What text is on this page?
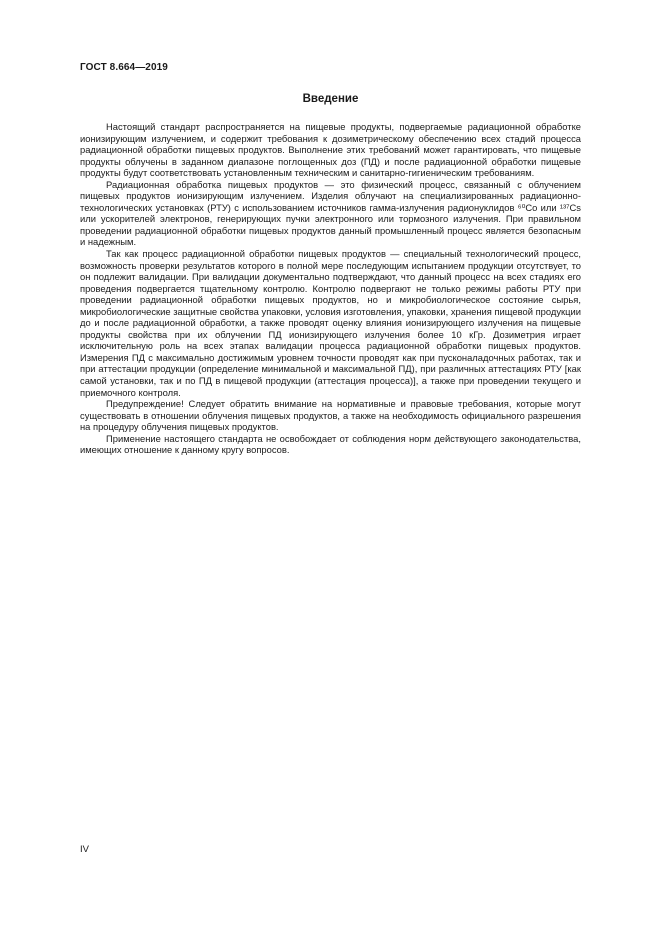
ГОСТ 8.664—2019
Введение

Настоящий стандарт распространяется на пищевые продукты, подвергаемые радиационной обработке ионизирующим излучением, и содержит требования к дозиметрическому обеспечению всех стадий процесса радиационной обработки пищевых продуктов. Выполнение этих требований может гарантировать, что пищевые продукты облучены в заданном диапазоне поглощенных доз (ПД) и после радиационной обработки пищевые продукты будут соответствовать установленным техническим и санитарно-гигиеническим требованиям.

Радиационная обработка пищевых продуктов — это физический процесс, связанный с облучением пищевых продуктов ионизирующим излучением. Изделия облучают на специализированных радиационно-технологических установках (РТУ) с использованием источников гамма-излучения радионуклидов ⁶⁰Co или ¹³⁷Cs или ускорителей электронов, генерирующих пучки электронного или тормозного излучения. При правильном проведении радиационной обработки пищевых продуктов данный промышленный процесс является безопасным и надежным.

Так как процесс радиационной обработки пищевых продуктов — специальный технологический процесс, возможность проверки результатов которого в полной мере последующим испытанием продукции отсутствует, то он подлежит валидации. При валидации документально подтверждают, что данный процесс на всех стадиях его проведения подвергается тщательному контролю. Контролю подвергают не только режимы работы РТУ при проведении радиационной обработки пищевых продуктов, но и микробиологическое состояние сырья, микробиологические защитные свойства упаковки, условия изготовления, упаковки, хранения пищевой продукции до и после радиационной обработки, а также проводят оценку влияния ионизирующего излучения на пищевые продукты свойства при их облучении ПД ионизирующего излучения более 10 кГр. Дозиметрия играет исключительную роль на всех этапах валидации процесса радиационной обработки пищевых продуктов. Измерения ПД с максимально достижимым уровнем точности проводят как при пусконаладочных работах, так и при аттестации продукции (определение минимальной и максимальной ПД), при различных аттестациях РТУ [как самой установки, так и по ПД в пищевой продукции (аттестация процесса)], а также при проведении текущего и приемочного контроля.

Предупреждение! Следует обратить внимание на нормативные и правовые требования, которые могут существовать в отношении облучения пищевых продуктов, а также на необходимость официального разрешения на процедуру облучения пищевых продуктов.

Применение настоящего стандарта не освобождает от соблюдения норм действующего законодательства, имеющих отношение к данному кругу вопросов.

IV
